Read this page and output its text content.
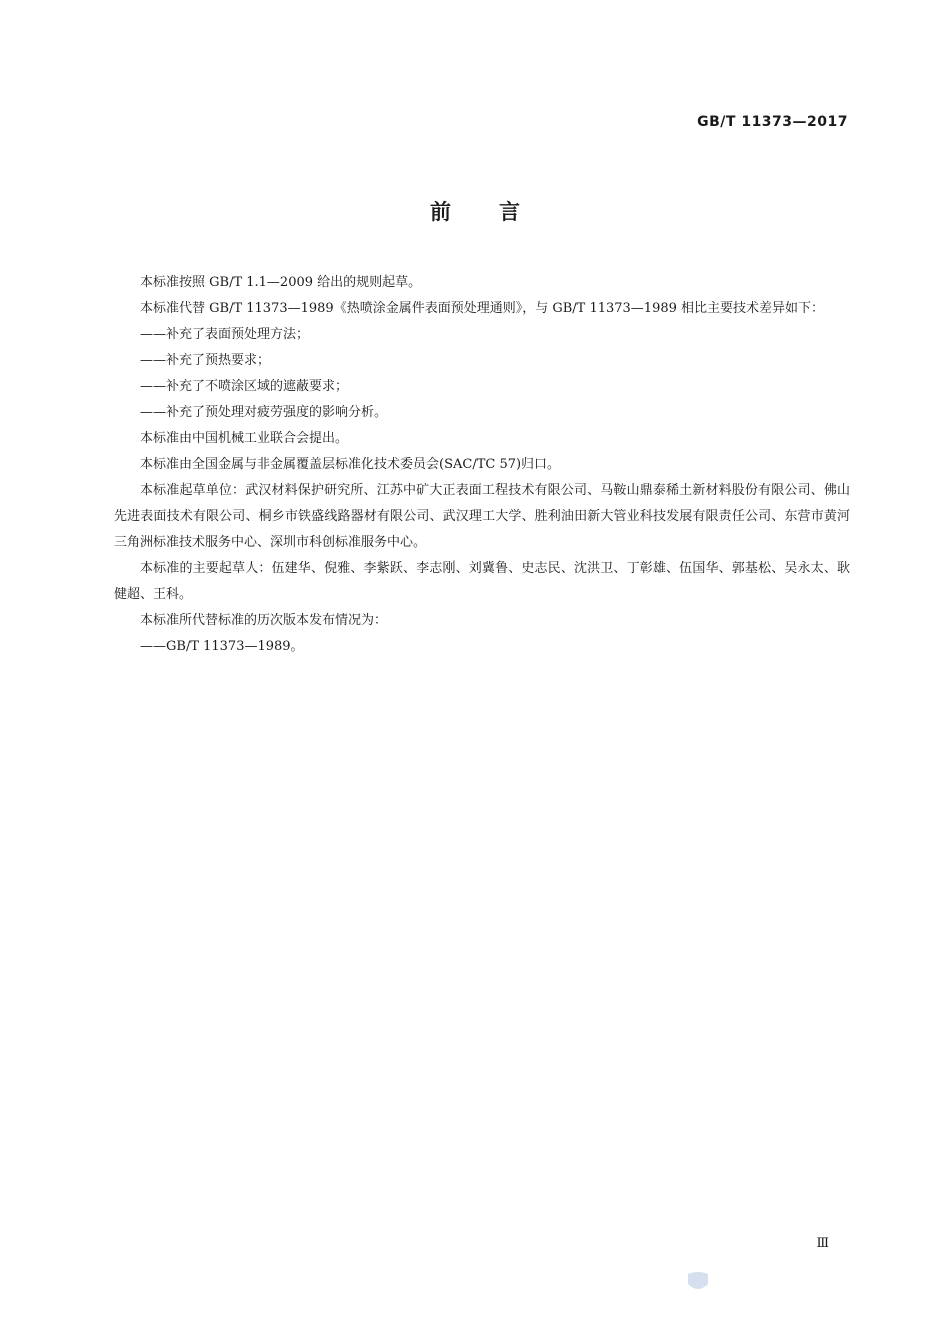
GB/T 11373—2017
前言

本标准按照 GB/T 1.1—2009 给出的规则起草。

本标准代替 GB/T 11373—1989《热喷涂金属件表面预处理通则》，与 GB/T 11373—1989 相比主要技术差异如下：

——补充了表面预处理方法；

——补充了预热要求；

——补充了不喷涂区域的遮蔽要求；

——补充了预处理对疲劳强度的影响分析。

本标准由中国机械工业联合会提出。

本标准由全国金属与非金属覆盖层标准化技术委员会(SAC/TC 57)归口。

本标准起草单位：武汉材料保护研究所、江苏中矿大正表面工程技术有限公司、马鞍山鼎泰稀土新材料股份有限公司、佛山先进表面技术有限公司、桐乡市铁盛线路器材有限公司、武汉理工大学、胜利油田新大管业科技发展有限责任公司、东营市黄河三角洲标准技术服务中心、深圳市科创标准服务中心。

本标准的主要起草人：伍建华、倪雅、李紫跃、李志刚、刘冀鲁、史志民、沈洪卫、丁彰雄、伍国华、郭基松、吴永太、耿健超、王科。

本标准所代替标准的历次版本发布情况为：

——GB/T 11373—1989。

Ⅲ
